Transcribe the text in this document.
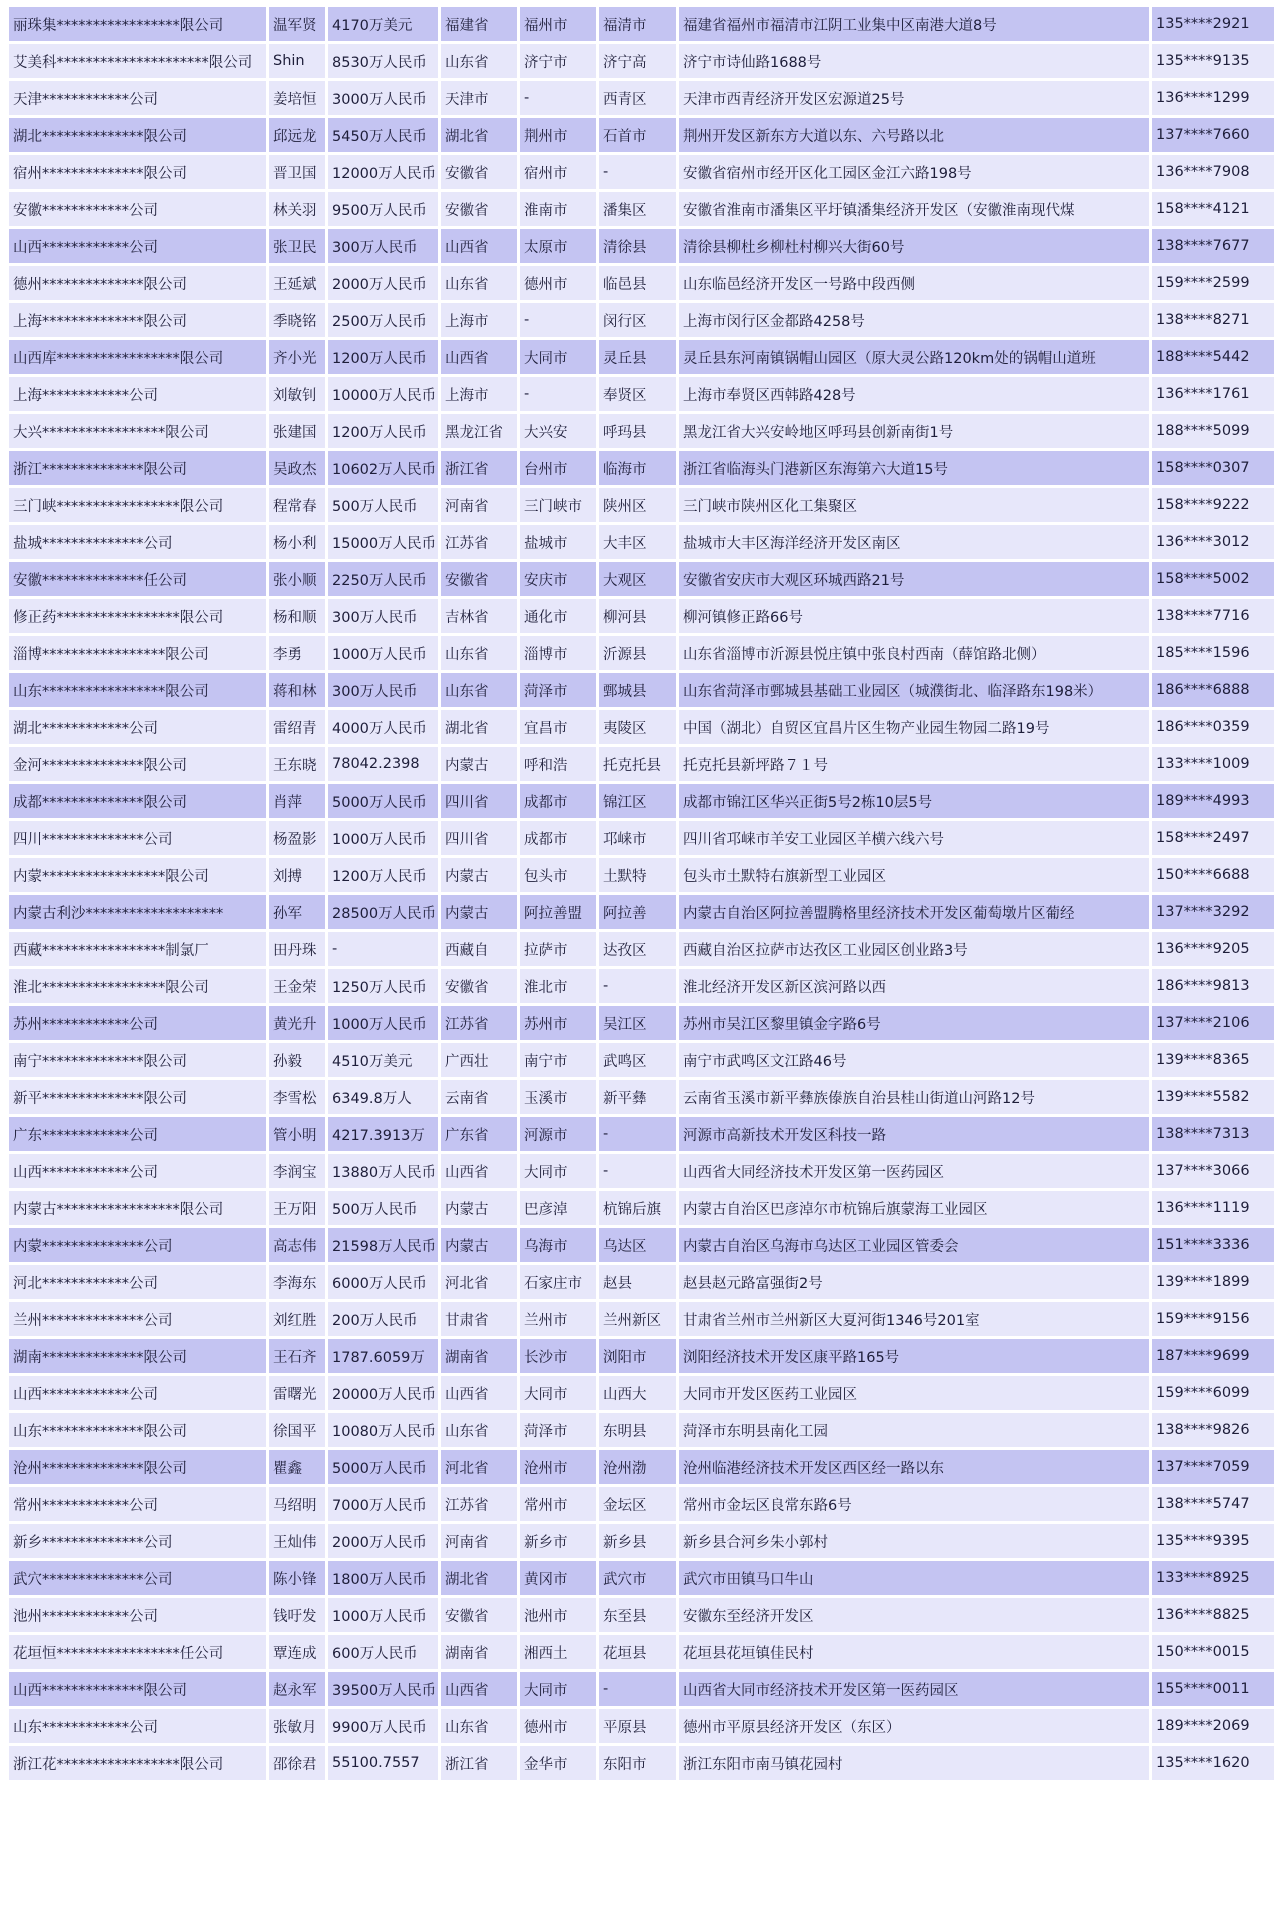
丽珠集*****************限公司	温军贤	4170万美元	福建省	福州市	福清市	福建省福州市福清市江阴工业集中区南港大道8号	135****2921
艾美科*********************限公司	Shin	8530万人民币	山东省	济宁市	济宁高	济宁市诗仙路1688号	135****9135
天津************公司	姜培恒	3000万人民币	天津市	-	西青区	天津市西青经济开发区宏源道25号	136****1299
湖北**************限公司	邱远龙	5450万人民币	湖北省	荆州市	石首市	荆州开发区新东方大道以东、六号路以北	137****7660
宿州**************限公司	晋卫国	12000万人民币	安徽省	宿州市	-	安徽省宿州市经开区化工园区金江六路198号	136****7908
安徽************公司	林关羽	9500万人民币	安徽省	淮南市	潘集区	安徽省淮南市潘集区平圩镇潘集经济开发区（安徽淮南现代煤	158****4121
山西************公司	张卫民	300万人民币	山西省	太原市	清徐县	清徐县柳杜乡柳杜村柳兴大街60号	138****7677
德州**************限公司	王延斌	2000万人民币	山东省	德州市	临邑县	山东临邑经济开发区一号路中段西侧	159****2599
上海**************限公司	季晓铭	2500万人民币	上海市	-	闵行区	上海市闵行区金都路4258号	138****8271
山西库*****************限公司	齐小光	1200万人民币	山西省	大同市	灵丘县	灵丘县东河南镇锅帽山园区（原大灵公路120km处的锅帽山道班	188****5442
上海************公司	刘敏钊	10000万人民币	上海市	-	奉贤区	上海市奉贤区西韩路428号	136****1761
大兴*****************限公司	张建国	1200万人民币	黑龙江省	大兴安	呼玛县	黑龙江省大兴安岭地区呼玛县创新南街1号	188****5099
浙江**************限公司	吴政杰	10602万人民币	浙江省	台州市	临海市	浙江省临海头门港新区东海第六大道15号	158****0307
三门峡*****************限公司	程常春	500万人民币	河南省	三门峡市	陕州区	三门峡市陕州区化工集聚区	158****9222
盐城**************公司	杨小利	15000万人民币	江苏省	盐城市	大丰区	盐城市大丰区海洋经济开发区南区	136****3012
安徽**************任公司	张小顺	2250万人民币	安徽省	安庆市	大观区	安徽省安庆市大观区环城西路21号	158****5002
修正药*****************限公司	杨和顺	300万人民币	吉林省	通化市	柳河县	柳河镇修正路66号	138****7716
淄博*****************限公司	李勇	1000万人民币	山东省	淄博市	沂源县	山东省淄博市沂源县悦庄镇中张良村西南（薛馆路北侧）	185****1596
山东*****************限公司	蒋和林	300万人民币	山东省	菏泽市	鄄城县	山东省菏泽市鄄城县基础工业园区（城濮街北、临泽路东198米）	186****6888
湖北************公司	雷绍青	4000万人民币	湖北省	宜昌市	夷陵区	中国（湖北）自贸区宜昌片区生物产业园生物园二路19号	186****0359
金河**************限公司	王东晓	78042.2398	内蒙古	呼和浩	托克托县	托克托县新坪路７１号	133****1009
成都**************限公司	肖萍	5000万人民币	四川省	成都市	锦江区	成都市锦江区华兴正街5号2栋10层5号	189****4993
四川**************公司	杨盈影	1000万人民币	四川省	成都市	邛崃市	四川省邛崃市羊安工业园区羊横六线六号	158****2497
内蒙*****************限公司	刘搏	1200万人民币	内蒙古	包头市	土默特	包头市土默特右旗新型工业园区	150****6688
内蒙古利沙*******************	孙军	28500万人民币	内蒙古	阿拉善盟	阿拉善	内蒙古自治区阿拉善盟腾格里经济技术开发区葡萄墩片区葡经	137****3292
西藏*****************制氯厂	田丹珠	-	西藏自	拉萨市	达孜区	西藏自治区拉萨市达孜区工业园区创业路3号	136****9205
淮北*****************限公司	王金荣	1250万人民币	安徽省	淮北市	-	淮北经济开发区新区滨河路以西	186****9813
苏州************公司	黄光升	1000万人民币	江苏省	苏州市	吴江区	苏州市吴江区黎里镇金字路6号	137****2106
南宁**************限公司	孙毅	4510万美元	广西壮	南宁市	武鸣区	南宁市武鸣区文江路46号	139****8365
新平**************限公司	李雪松	6349.8万人	云南省	玉溪市	新平彝	云南省玉溪市新平彝族傣族自治县桂山街道山河路12号	139****5582
广东************公司	管小明	4217.3913万	广东省	河源市	-	河源市高新技术开发区科技一路	138****7313
山西************公司	李润宝	13880万人民币	山西省	大同市	-	山西省大同经济技术开发区第一医药园区	137****3066
内蒙古*****************限公司	王万阳	500万人民币	内蒙古	巴彦淖	杭锦后旗	内蒙古自治区巴彦淖尔市杭锦后旗蒙海工业园区	136****1119
内蒙**************公司	高志伟	21598万人民币	内蒙古	乌海市	乌达区	内蒙古自治区乌海市乌达区工业园区管委会	151****3336
河北************公司	李海东	6000万人民币	河北省	石家庄市	赵县	赵县赵元路富强街2号	139****1899
兰州**************公司	刘红胜	200万人民币	甘肃省	兰州市	兰州新区	甘肃省兰州市兰州新区大夏河街1346号201室	159****9156
湖南**************限公司	王石齐	1787.6059万	湖南省	长沙市	浏阳市	浏阳经济技术开发区康平路165号	187****9699
山西************公司	雷曙光	20000万人民币	山西省	大同市	山西大	大同市开发区医药工业园区	159****6099
山东**************限公司	徐国平	10080万人民币	山东省	菏泽市	东明县	菏泽市东明县南化工园	138****9826
沧州**************限公司	瞿鑫	5000万人民币	河北省	沧州市	沧州渤	沧州临港经济技术开发区西区经一路以东	137****7059
常州************公司	马绍明	7000万人民币	江苏省	常州市	金坛区	常州市金坛区良常东路6号	138****5747
新乡**************公司	王灿伟	2000万人民币	河南省	新乡市	新乡县	新乡县合河乡朱小郭村	135****9395
武穴**************公司	陈小锋	1800万人民币	湖北省	黄冈市	武穴市	武穴市田镇马口牛山	133****8925
池州************公司	钱吁发	1000万人民币	安徽省	池州市	东至县	安徽东至经济开发区	136****8825
花垣恒*****************任公司	覃连成	600万人民币	湖南省	湘西土	花垣县	花垣县花垣镇佳民村	150****0015
山西**************限公司	赵永军	39500万人民币	山西省	大同市	-	山西省大同市经济技术开发区第一医药园区	155****0011
山东************公司	张敏月	9900万人民币	山东省	德州市	平原县	德州市平原县经济开发区（东区）	189****2069
浙江花*****************限公司	邵徐君	55100.7557	浙江省	金华市	东阳市	浙江东阳市南马镇花园村	135****1620
